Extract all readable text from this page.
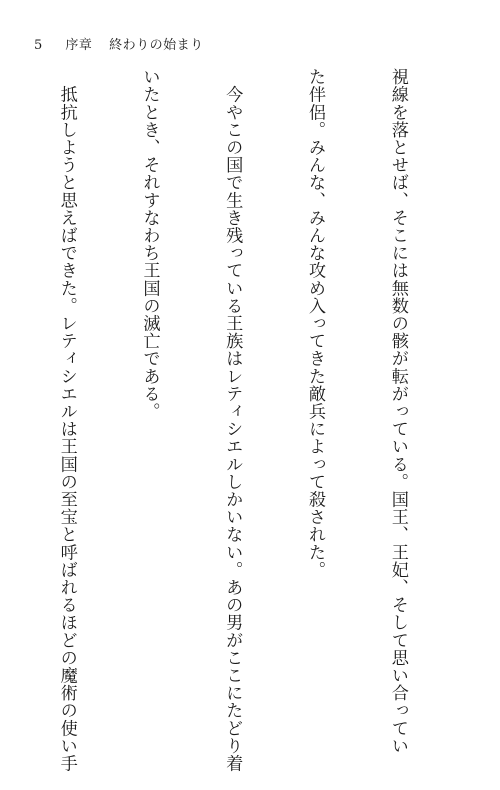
5 序章 終わりの始まり

視線を落とせば、そこには無数の骸が転がっている。国王、王妃、そして思い合ってい

た伴侶。みんな、みんな攻め入ってきた敵兵によって殺された。

　今やこの国で生き残っている王族はレティシエルしかいない。あの男がここにたどり着

いたとき、それすなわち王国の滅亡である。

　抵抗しようと思えばできた。レティシエルは王国の至宝と呼ばれるほどの魔術の使い手
